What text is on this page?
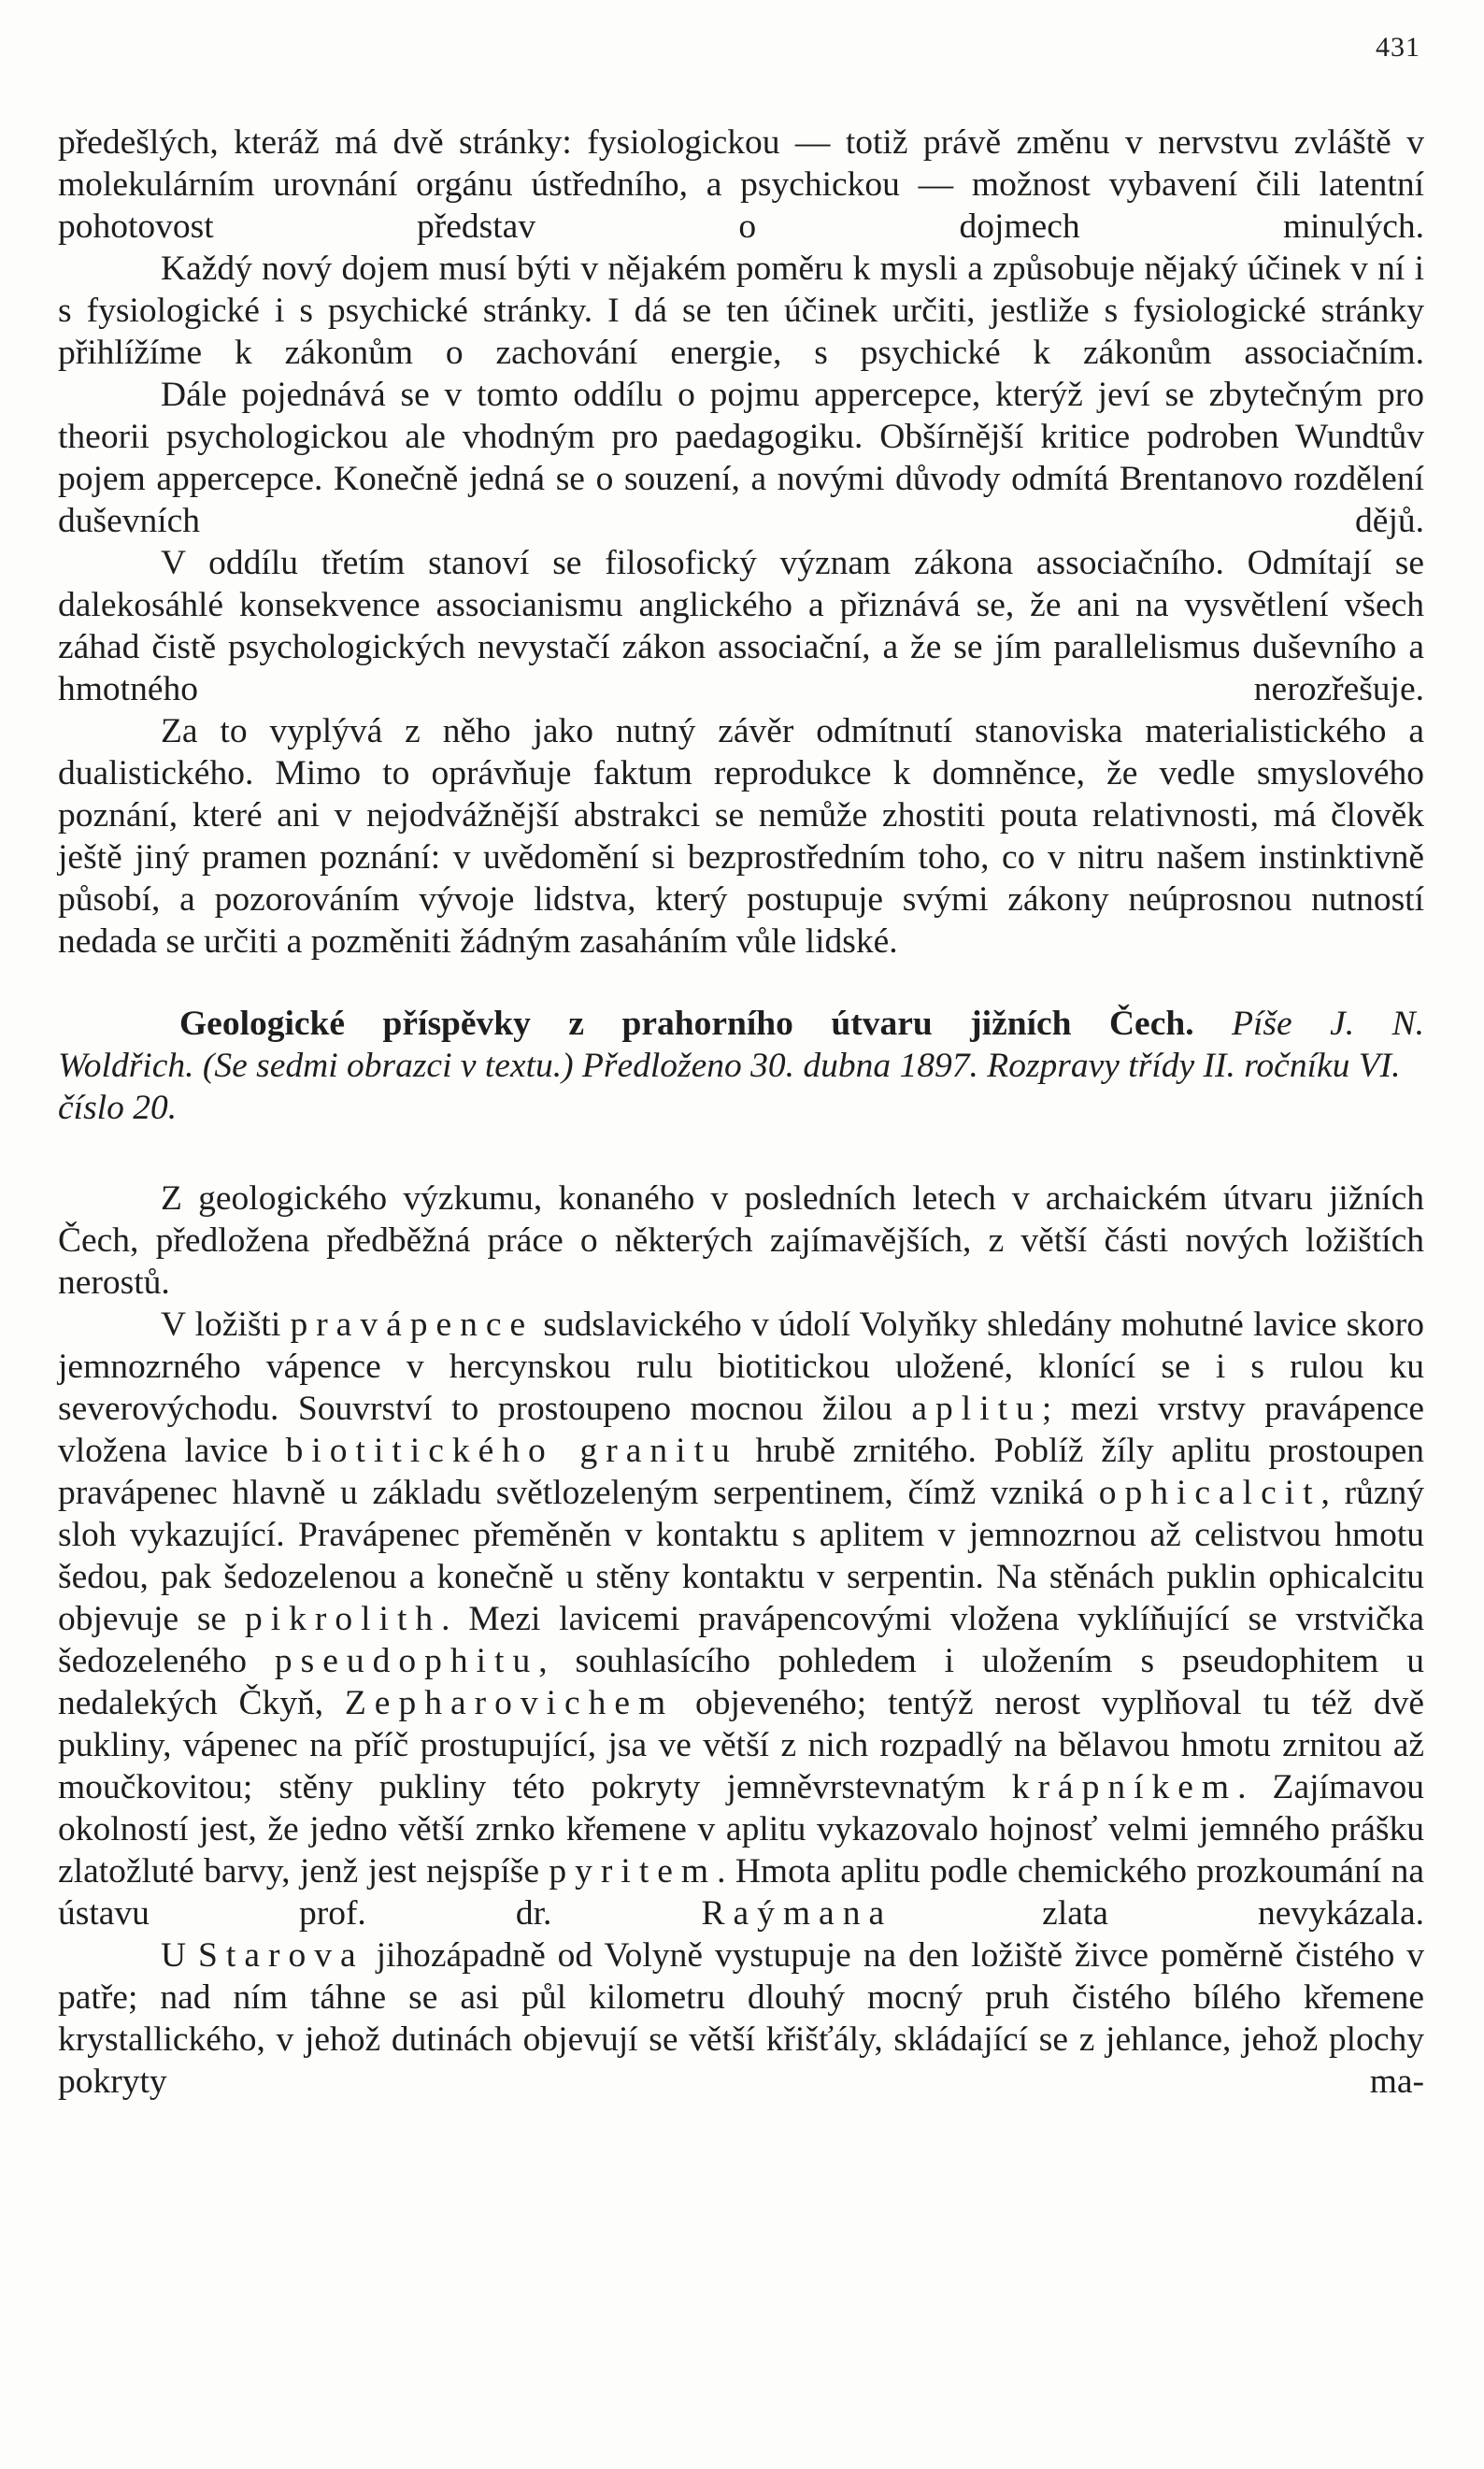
431

předešlých, kteráž má dvě stránky: fysiologickou — totiž právě změnu v nervstvu zvláště v molekulárním urovnání orgánu ústředního, a psychickou — možnost vybavení čili latentní pohotovost představ o dojmech minulých.

Každý nový dojem musí býti v nějakém poměru k mysli a způsobuje nějaký účinek v ní i s fysiologické i s psychické stránky. I dá se ten účinek určiti, jestliže s fysiologické stránky přihlížíme k zákonům o zachování energie, s psychické k zákonům associačním.

Dále pojednává se v tomto oddílu o pojmu appercepce, kterýž jeví se zbytečným pro theorii psychologickou ale vhodným pro paedagogiku. Obšírnější kritice podroben Wundtův pojem appercepce. Konečně jedná se o souzení, a novými důvody odmítá Brentanovo rozdělení duševních dějů.

V oddílu třetím stanoví se filosofický význam zákona associačního. Odmítají se dalekosáhlé konsekvence associanismu anglického a přiznává se, že ani na vysvětlení všech záhad čistě psychologických nevystačí zákon associační, a že se jím parallelismus duševního a hmotného nerozřešuje.

Za to vyplývá z něho jako nutný závěr odmítnutí stanoviska materialistického a dualistického. Mimo to oprávňuje faktum reprodukce k domněnce, že vedle smyslového poznání, které ani v nejodvážnější abstrakci se nemůže zhostiti pouta relativnosti, má člověk ještě jiný pramen poznání: v uvědomění si bezprostředním toho, co v nitru našem instinktivně působí, a pozorováním vývoje lidstva, který postupuje svými zákony neúprosnou nutností nedada se určiti a pozměniti žádným zasaháním vůle lidské.

Geologické příspěvky z prahorního útvaru jižních Čech. Píše J. N.

Woldřich. (Se sedmi obrazci v textu.) Předloženo 30. dubna 1897. Rozpravy třídy II. ročníku VI. číslo 20.

Z geologického výzkumu, konaného v posledních letech v archaickém útvaru jižních Čech, předložena předběžná práce o některých zajímavějších, z větší části nových ložištích nerostů.

V ložišti pravápence sudslavického v údolí Volyňky shledány mohutné lavice skoro jemnozrného vápence v hercynskou rulu biotitickou uložené, klonící se i s rulou ku severovýchodu. Souvrství to prostoupeno mocnou žilou aplitu; mezi vrstvy pravápence vložena lavice biotitického granitu hrubě zrnitého. Poblíž žíly aplitu prostoupen pravápenec hlavně u základu světlozeleným serpentinem, čímž vzniká ophicalcit, různý sloh vykazující. Pravápenec přeměněn v kontaktu s aplitem v jemnozrnou až celistvou hmotu šedou, pak šedozelenou a konečně u stěny kontaktu v serpentin. Na stěnách puklin ophicalcitu objevuje se pikrolith. Mezi lavicemi pravápencovými vložena vyklíňující se vrstvička šedozeleného pseudophitu, souhlasícího pohledem i uložením s pseudophitem u nedalekých Čkyň, Zepharovichem objeveného; tentýž nerost vyplňoval tu též dvě pukliny, vápenec na příč prostupující, jsa ve větší z nich rozpadlý na bělavou hmotu zrnitou až moučkovitou; stěny pukliny této pokryty jemněvrstevnatým krápníkem. Zajímavou okolností jest, že jedno větší zrnko křemene v aplitu vykazovalo hojnosť velmi jemného prášku zlatožluté barvy, jenž jest nejspíše pyritem. Hmota aplitu podle chemického prozkoumání na ústavu prof. dr.	Raýmana	zlata nevykázala.

U Starova jihozápadně od Volyně vystupuje na den ložiště živce poměrně čistého v patře; nad ním táhne se asi půl kilometru dlouhý mocný pruh čistého bílého křemene krystallického, v jehož dutinách objevují se větší křišťály, skládající se z jehlance, jehož plochy pokryty ma-
